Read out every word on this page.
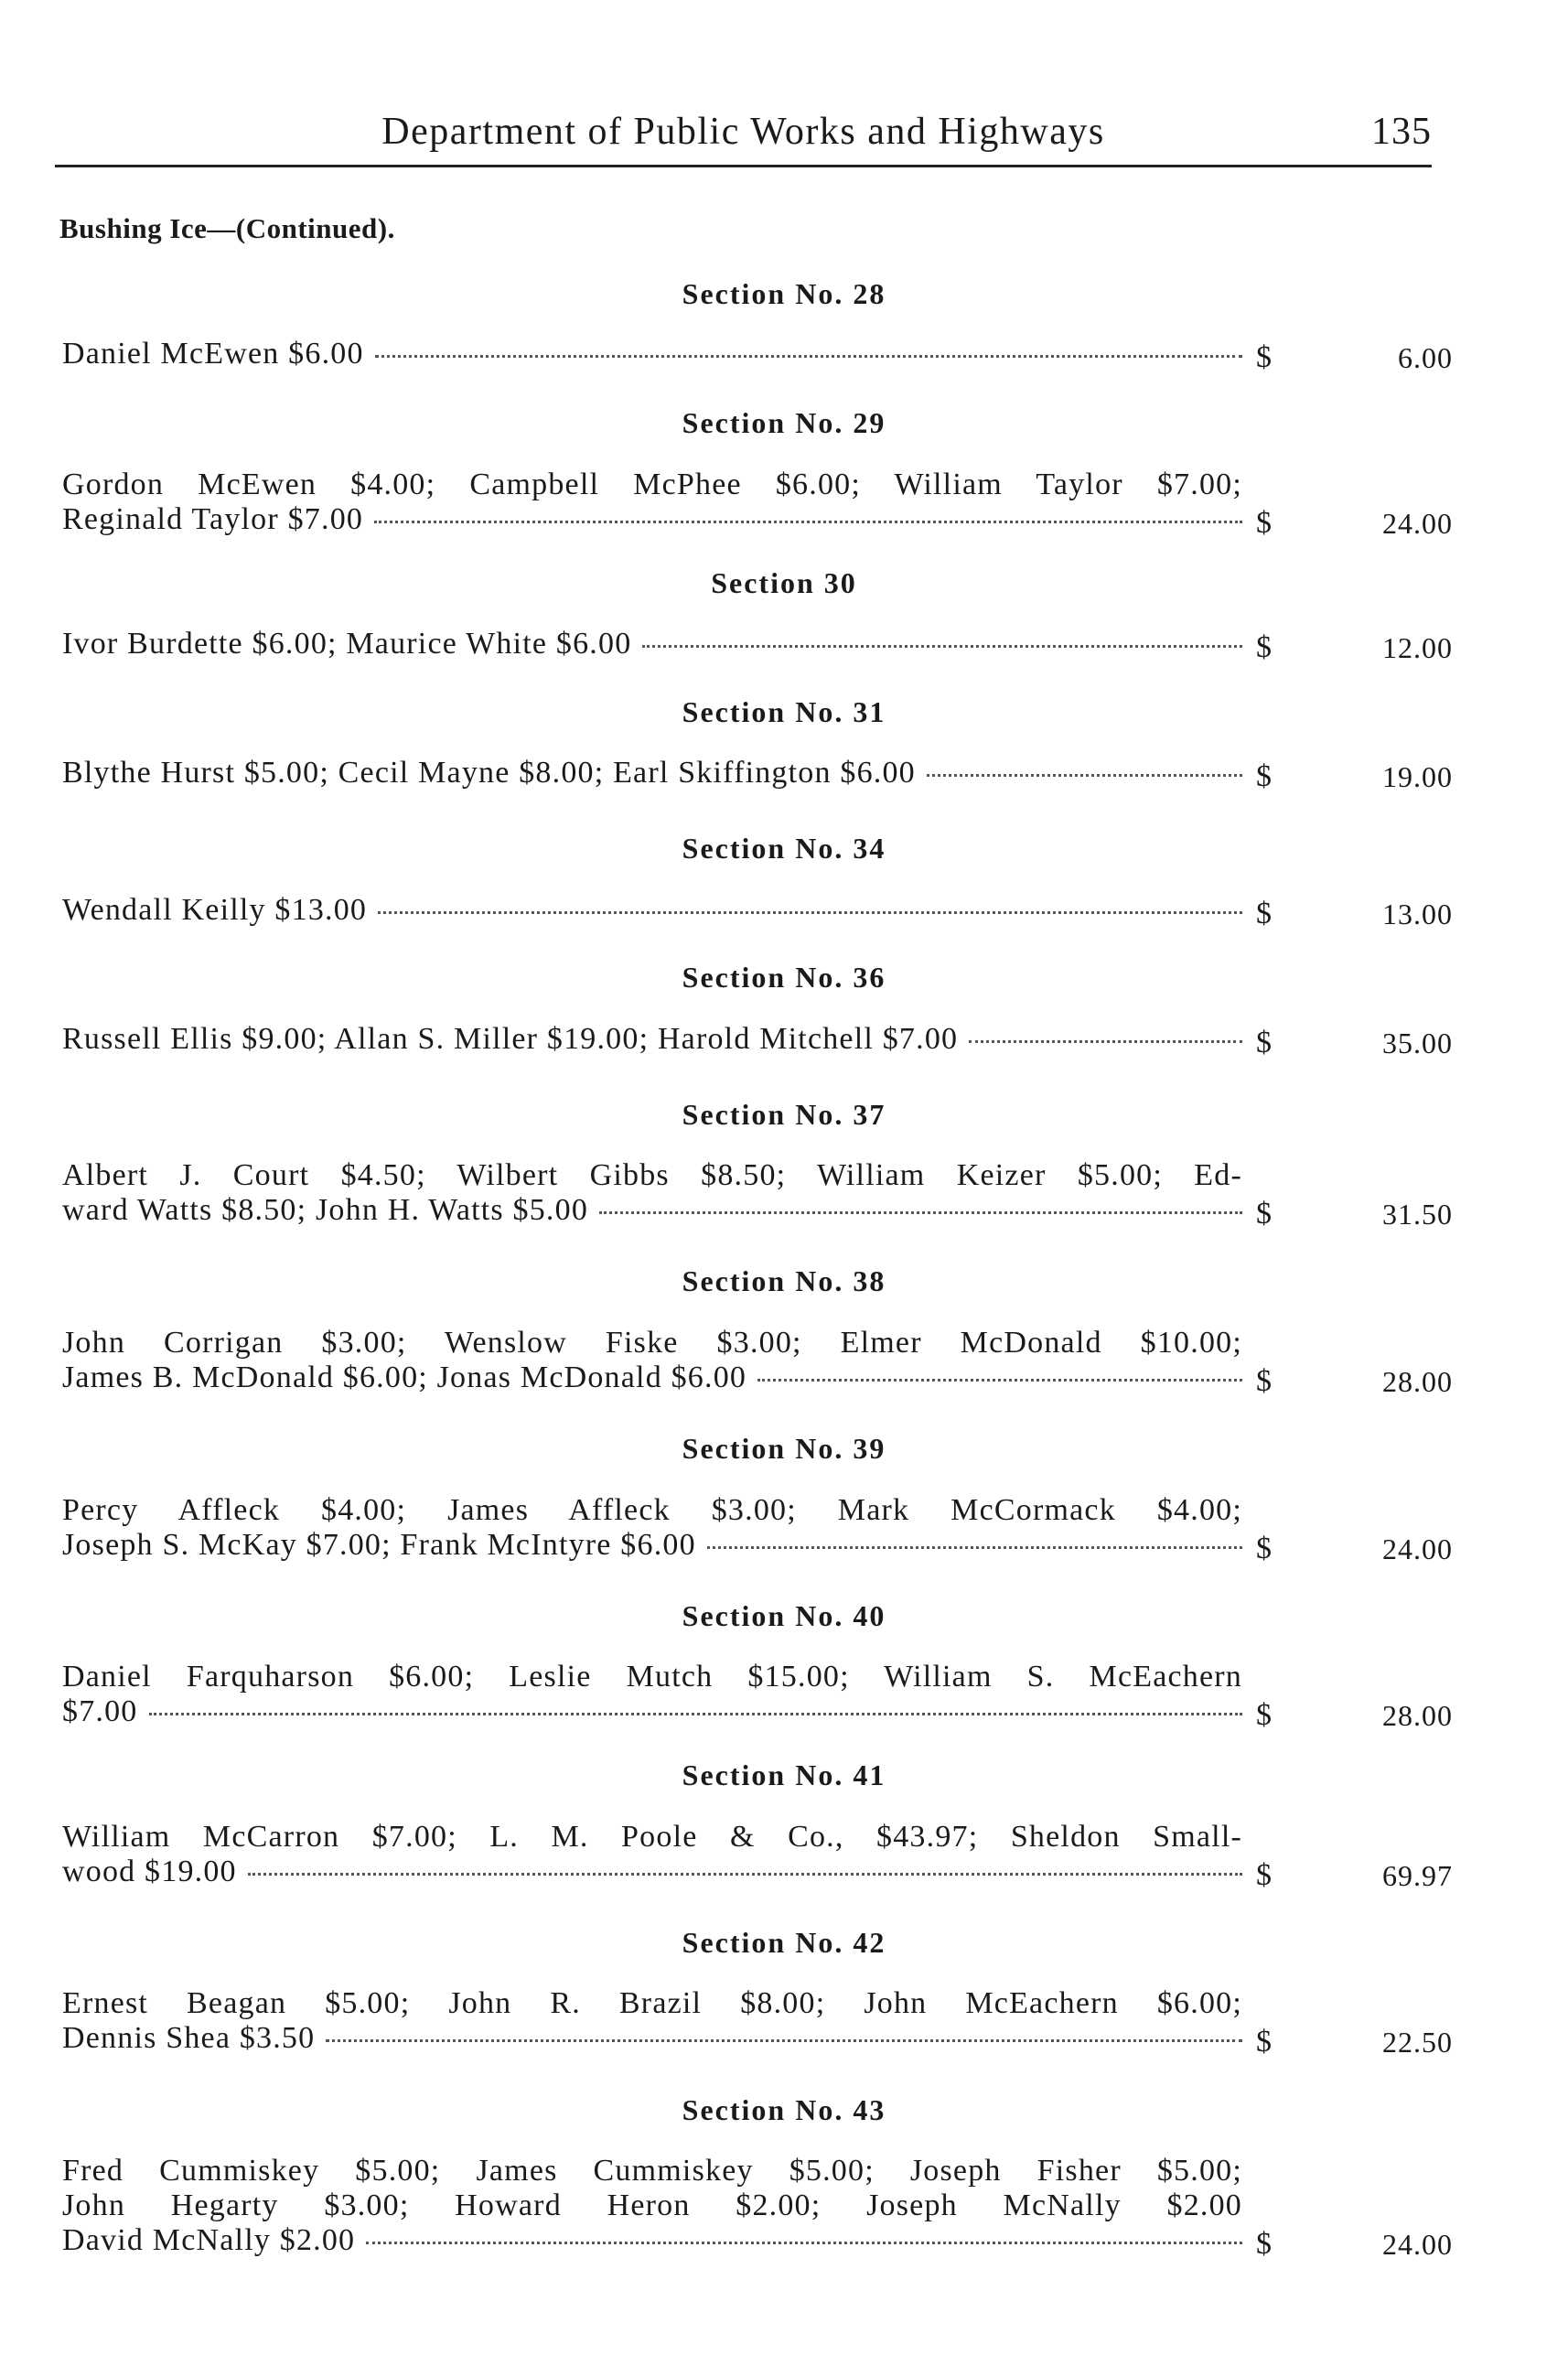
Department of Public Works and Highways	135
Bushing Ice—(Continued).
Section No. 28
Daniel McEwen $6.00	$	6.00
Section No. 29
Gordon McEwen $4.00; Campbell McPhee $6.00; William Taylor $7.00;
Reginald Taylor $7.00	$	24.00
Section 30
Ivor Burdette $6.00; Maurice White $6.00	$	12.00
Section No. 31
Blythe Hurst $5.00; Cecil Mayne $8.00; Earl Skiffington $6.00	$	19.00
Section No. 34
Wendall Keilly $13.00	$	13.00
Section No. 36
Russell Ellis $9.00; Allan S. Miller $19.00; Harold Mitchell $7.00	$	35.00
Section No. 37
Albert J. Court $4.50; Wilbert Gibbs $8.50; William Keizer $5.00; Ed-
ward Watts $8.50; John H. Watts $5.00	$	31.50
Section No. 38
John Corrigan $3.00; Wenslow Fiske $3.00; Elmer McDonald $10.00;
James B. McDonald $6.00; Jonas McDonald $6.00	$	28.00
Section No. 39
Percy Affleck $4.00; James Affleck $3.00; Mark McCormack $4.00;
Joseph S. McKay $7.00; Frank McIntyre $6.00	$	24.00
Section No. 40
Daniel Farquharson $6.00; Leslie Mutch $15.00; William S. McEachern
$7.00	$	28.00
Section No. 41
William McCarron $7.00; L. M. Poole & Co., $43.97; Sheldon Small-
wood $19.00	$	69.97
Section No. 42
Ernest Beagan $5.00; John R. Brazil $8.00; John McEachern $6.00;
Dennis Shea $3.50	$	22.50
Section No. 43
Fred Cummiskey $5.00; James Cummiskey $5.00; Joseph Fisher $5.00;
John Hegarty $3.00; Howard Heron $2.00; Joseph McNally $2.00
David McNally $2.00	$	24.00
